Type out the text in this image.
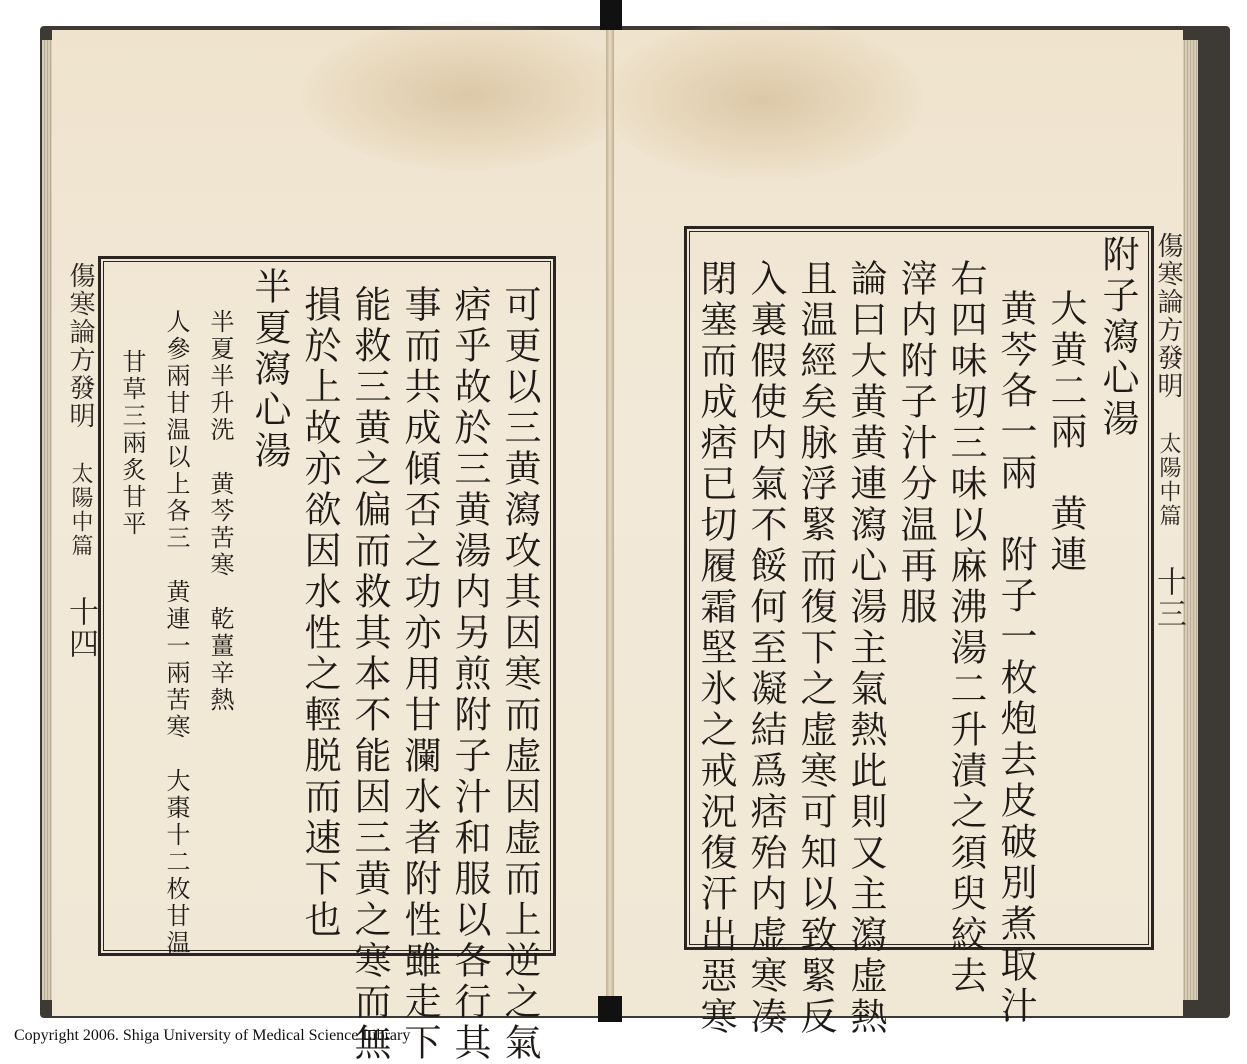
可更以三黄瀉攻其因寒而虚因虚而上逆之氣
痞乎故於三黄湯内另煎附子汁和服以各行其
事而共成傾否之功亦用甘瀾水者附性雖走下
能救三黄之偏而救其本不能因三黄之寒而無
損於上故亦欲因水性之輕脱而速下也
半夏瀉心湯
半夏半升洗　黄芩苦寒　乾薑辛熱
人參兩甘温以上各三　黄連一兩苦寒　大棗十二枚甘温
甘草三兩炙甘平
傷寒論方發明 太陽中篇 十四
附子瀉心湯
大黄二兩　黄連
黄芩各一兩　附子一枚炮去皮破別煮取汁
右四味切三味以麻沸湯二升漬之須臾絞去
滓内附子汁分温再服
論曰大黄黄連瀉心湯主氣熱此則又主瀉虚熱
且温經矣脉浮緊而復下之虚寒可知以致緊反
入裏假使内氣不餒何至凝結爲痞殆内虚寒凑
閉塞而成痞已切履霜堅氷之戒況復汗出惡寒	傷寒論方發明 太陽中篇 十三
Copyright 2006. Shiga University of Medical Science Library
